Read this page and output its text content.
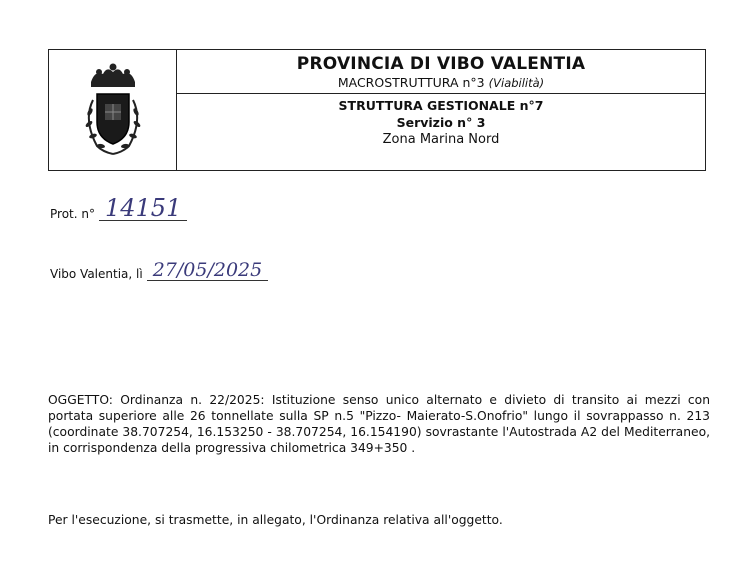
PROVINCIA DI VIBO VALENTIA
MACROSTRUTTURA n°3 (Viabilità)
STRUTTURA GESTIONALE n°7
Servizio n° 3
Zona Marina Nord
Prot. n° 14151
Vibo Valentia, lì 27/05/2025

OGGETTO: Ordinanza n. 22/2025: Istituzione senso unico alternato e divieto di transito ai mezzi con portata superiore alle 26 tonnellate sulla SP n.5 "Pizzo- Maierato-S.Onofrio" lungo il sovrappasso n. 213 (coordinate 38.707254, 16.153250 - 38.707254, 16.154190) sovrastante l'Autostrada A2 del Mediterraneo, in corrispondenza della progressiva chilometrica 349+350 .

Per l'esecuzione, si trasmette, in allegato, l'Ordinanza relativa all'oggetto.
